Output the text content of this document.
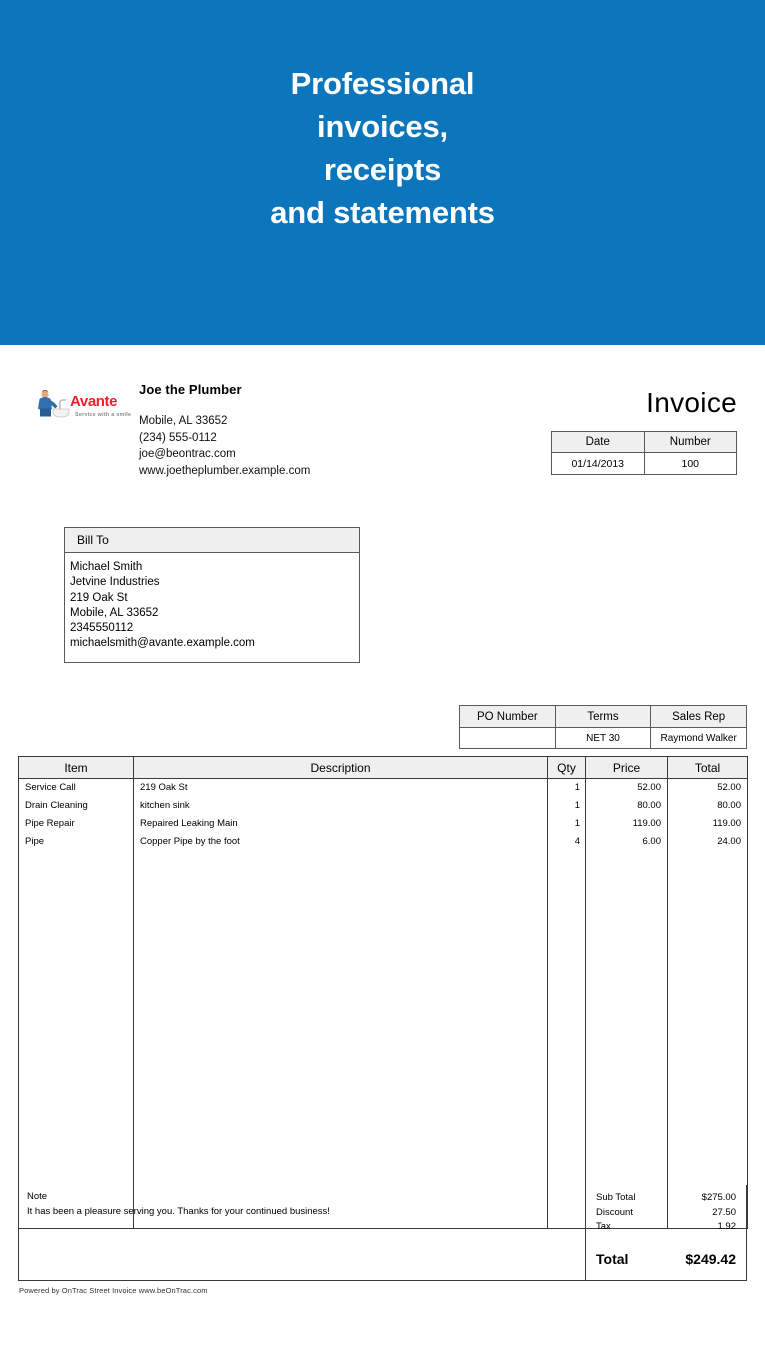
Professional
invoices,
receipts
and statements
Avante
Service with a smile
Joe the Plumber
Mobile, AL 33652
(234) 555-0112
joe@beontrac.com
www.joetheplumber.example.com
Invoice
Date	Number
01/14/2013	100
Bill To
Michael Smith
Jetvine Industries
219 Oak St
Mobile, AL 33652
2345550112
michaelsmith@avante.example.com
PO Number	Terms	Sales Rep
	NET 30	Raymond Walker
Item	Description	Qty	Price	Total
Service Call	219 Oak St	1	52.00	52.00
Drain Cleaning	kitchen sink	1	80.00	80.00
Pipe Repair	Repaired Leaking Main	1	119.00	119.00
Pipe	Copper Pipe by the foot	4	6.00	24.00

Note
It has been a pleasure serving you. Thanks for your continued business!
Sub Total	$275.00
Discount	27.50
Tax	1.92
Total	$249.42
Powered by OnTrac Street Invoice www.beOnTrac.com
